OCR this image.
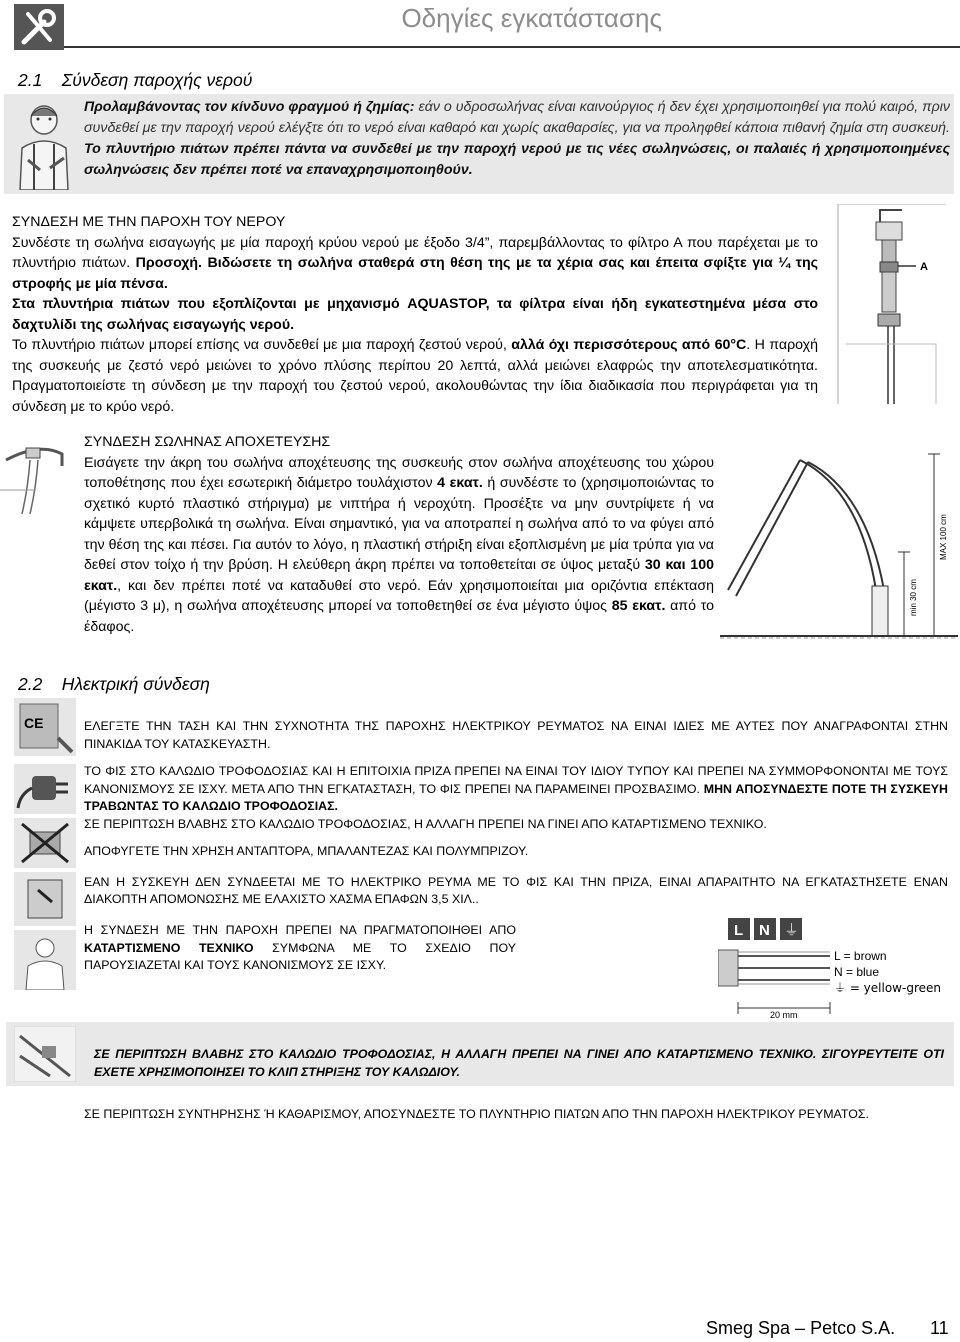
Οδηγίες εγκατάστασης
2.1 Σύνδεση παροχής νερού
Προλαμβάνοντας τον κίνδυνο φραγμού ή ζημίας: εάν ο υδροσωλήνας είναι καινούργιος ή δεν έχει χρησιμοποιηθεί για πολύ καιρό, πριν συνδεθεί με την παροχή νερού ελέγξτε ότι το νερό είναι καθαρό και χωρίς ακαθαρσίες, για να προληφθεί κάποια πιθανή ζημία στη συσκευή. Το πλυντήριο πιάτων πρέπει πάντα να συνδεθεί με την παροχή νερού με τις νέες σωληνώσεις, οι παλαιές ή χρησιμοποιημένες σωληνώσεις δεν πρέπει ποτέ να επαναχρησιμοποιηθούν.

ΣΥΝΔΕΣΗ ΜΕ ΤΗΝ ΠΑΡΟΧΗ ΤΟΥ ΝΕΡΟΥ

Συνδέστε τη σωλήνα εισαγωγής με μία παροχή κρύου νερού με έξοδο 3/4”, παρεμβάλλοντας το φίλτρο Α που παρέχεται με το πλυντήριο πιάτων. Προσοχή. Βιδώσετε τη σωλήνα σταθερά στη θέση της με τα χέρια σας και έπειτα σφίξτε για ¼ της στροφής με μία πένσα.

Στα πλυντήρια πιάτων που εξοπλίζονται με μηχανισμό AQUASTOP, τα φίλτρα είναι ήδη εγκατεστημένα μέσα στο δαχτυλίδι της σωλήνας εισαγωγής νερού.

Το πλυντήριο πιάτων μπορεί επίσης να συνδεθεί με μια παροχή ζεστού νερού, αλλά όχι περισσότερους από 60°C. Η παροχή της συσκευής με ζεστό νερό μειώνει το χρόνο πλύσης περίπου 20 λεπτά, αλλά μειώνει ελαφρώς την αποτελεσματικότητα. Πραγματοποιείστε τη σύνδεση με την παροχή του ζεστού νερού, ακολουθώντας την ίδια διαδικασία που περιγράφεται για τη σύνδεση με το κρύο νερό.

A

ΣΥΝΔΕΣΗ ΣΩΛΗΝΑΣ ΑΠΟΧΕΤΕΥΣΗΣ

Εισάγετε την άκρη του σωλήνα αποχέτευσης της συσκευής στον σωλήνα αποχέτευσης του χώρου τοποθέτησης που έχει εσωτερική διάμετρο τουλάχιστον 4 εκατ. ή συνδέστε το (χρησιμοποιώντας το σχετικό κυρτό πλαστικό στήριγμα) με νιπτήρα ή νεροχύτη. Προσέξτε να μην συντρίψετε ή να κάμψετε υπερβολικά τη σωλήνα. Είναι σημαντικό, για να αποτραπεί η σωλήνα από το να φύγει από την θέση της και πέσει. Για αυτόν το λόγο, η πλαστική στήριξη είναι εξοπλισμένη με μία τρύπα για να δεθεί στον τοίχο ή την βρύση. Η ελεύθερη άκρη πρέπει να τοποθετείται σε ύψος μεταξύ 30 και 100 εκατ., και δεν πρέπει ποτέ να καταδυθεί στο νερό. Εάν χρησιμοποιείται μια οριζόντια επέκταση (μέγιστο 3 μ), η σωλήνα αποχέτευσης μπορεί να τοποθετηθεί σε ένα μέγιστο ύψος 85 εκατ. από το έδαφος.

MAX 100 cm
min 30 cm
2.2 Ηλεκτρική σύνδεση
CE	ΕΛΕΓΞΤΕ ΤΗΝ ΤΑΣΗ ΚΑΙ ΤΗΝ ΣΥΧΝΟΤΗΤΑ ΤΗΣ ΠΑΡΟΧΗΣ ΗΛΕΚΤΡΙΚΟΥ ΡΕΥΜΑΤΟΣ ΝΑ ΕΙΝΑΙ ΙΔΙΕΣ ΜΕ ΑΥΤΕΣ ΠΟΥ ΑΝΑΓΡΑΦΟΝΤΑΙ ΣΤΗΝ ΠΙΝΑΚΙΔΑ ΤΟΥ ΚΑΤΑΣΚΕΥΑΣΤΗ.

ΤΟ ΦΙΣ ΣΤΟ ΚΑΛΩΔΙΟ ΤΡΟΦΟΔΟΣΙΑΣ ΚΑΙ Η ΕΠΙΤΟΙΧΙΑ ΠΡΙΖΑ ΠΡΕΠΕΙ ΝΑ ΕΙΝΑΙ ΤΟΥ ΙΔΙΟΥ ΤΥΠΟΥ ΚΑΙ ΠΡΕΠΕΙ ΝΑ ΣΥΜΜΟΡΦΟΝΟΝΤΑΙ ΜΕ ΤΟΥΣ ΚΑΝΟΝΙΣΜΟΥΣ ΣΕ ΙΣΧΥ. ΜΕΤΑ ΑΠΟ ΤΗΝ ΕΓΚΑΤΑΣΤΑΣΗ, ΤΟ ΦΙΣ ΠΡΕΠΕΙ ΝΑ ΠΑΡΑΜΕΙΝΕΙ ΠΡΟΣΒΑΣΙΜΟ. ΜΗΝ ΑΠΟΣΥΝΔΕΣΤΕ ΠΟΤΕ ΤΗ ΣΥΣΚΕΥΗ ΤΡΑΒΩΝΤΑΣ ΤΟ ΚΑΛΩΔΙΟ ΤΡΟΦΟΔΟΣΙΑΣ.

ΣΕ ΠΕΡΙΠΤΩΣΗ ΒΛΑΒΗΣ ΣΤΟ ΚΑΛΩΔΙΟ ΤΡΟΦΟΔΟΣΙΑΣ, Η ΑΛΛΑΓΗ ΠΡΕΠΕΙ ΝΑ ΓΙΝΕΙ ΑΠΟ ΚΑΤΑΡΤΙΣΜΕΝΟ ΤΕΧΝΙΚΟ.

ΑΠΟΦΥΓΕΤΕ ΤΗΝ ΧΡΗΣΗ ΑΝΤΑΠΤΟΡΑ, ΜΠΑΛΑΝΤΕΖΑΣ ΚΑΙ ΠΟΛΥΜΠΡΙΖΟΥ.

ΕΑΝ Η ΣΥΣΚΕΥΗ ΔΕΝ ΣΥΝΔΕΕΤΑΙ ΜΕ ΤΟ ΗΛΕΚΤΡΙΚΟ ΡΕΥΜΑ ΜΕ ΤΟ ΦΙΣ ΚΑΙ ΤΗΝ ΠΡΙΖΑ, ΕΙΝΑΙ ΑΠΑΡΑΙΤΗΤΟ ΝΑ ΕΓΚΑΤΑΣΤΗΣΕΤΕ ΕΝΑΝ ΔΙΑΚΟΠΤΗ ΑΠΟΜΟΝΩΣΗΣ ΜΕ ΕΛΑΧΙΣΤΟ ΧΑΣΜΑ ΕΠΑΦΩΝ 3,5 ΧΙΛ..

Η ΣΥΝΔΕΣΗ ΜΕ ΤΗΝ ΠΑΡΟΧΗ ΠΡΕΠΕΙ ΝΑ ΠΡΑΓΜΑΤΟΠΟΙΗΘΕΙ ΑΠΟ ΚΑΤΑΡΤΙΣΜΕΝΟ ΤΕΧΝΙΚΟ ΣΥΜΦΩΝΑ ΜΕ ΤΟ ΣΧΕΔΙΟ ΠΟΥ ΠΑΡΟΥΣΙΑΖΕΤΑΙ ΚΑΙ ΤΟΥΣ ΚΑΝΟΝΙΣΜΟΥΣ ΣΕ ΙΣΧΥ.
L N ⏚
L = brown
N = blue
⏚ = yellow-green
20 mm
ΣΕ ΠΕΡΙΠΤΩΣΗ ΒΛΑΒΗΣ ΣΤΟ ΚΑΛΩΔΙΟ ΤΡΟΦΟΔΟΣΙΑΣ, Η ΑΛΛΑΓΗ ΠΡΕΠΕΙ ΝΑ ΓΙΝΕΙ ΑΠΟ ΚΑΤΑΡΤΙΣΜΕΝΟ ΤΕΧΝΙΚΟ. ΣΙΓΟΥΡΕΥΤΕΙΤΕ ΟΤΙ ΕΧΕΤΕ ΧΡΗΣΙΜΟΠΟΙΗΣΕΙ ΤΟ ΚΛΙΠ ΣΤΗΡΙΞΗΣ ΤΟΥ ΚΑΛΩΔΙΟΥ.
ΣΕ ΠΕΡΙΠΤΩΣΗ ΣΥΝΤΗΡΗΣΗΣ Ή ΚΑΘΑΡΙΣΜΟΥ, ΑΠΟΣΥΝΔΕΣΤΕ ΤΟ ΠΛΥΝΤΗΡΙΟ ΠΙΑΤΩΝ ΑΠΟ ΤΗΝ ΠΑΡΟΧΗ ΗΛΕΚΤΡΙΚΟΥ ΡΕΥΜΑΤΟΣ.
Smeg Spa – Petco S.A. 11
